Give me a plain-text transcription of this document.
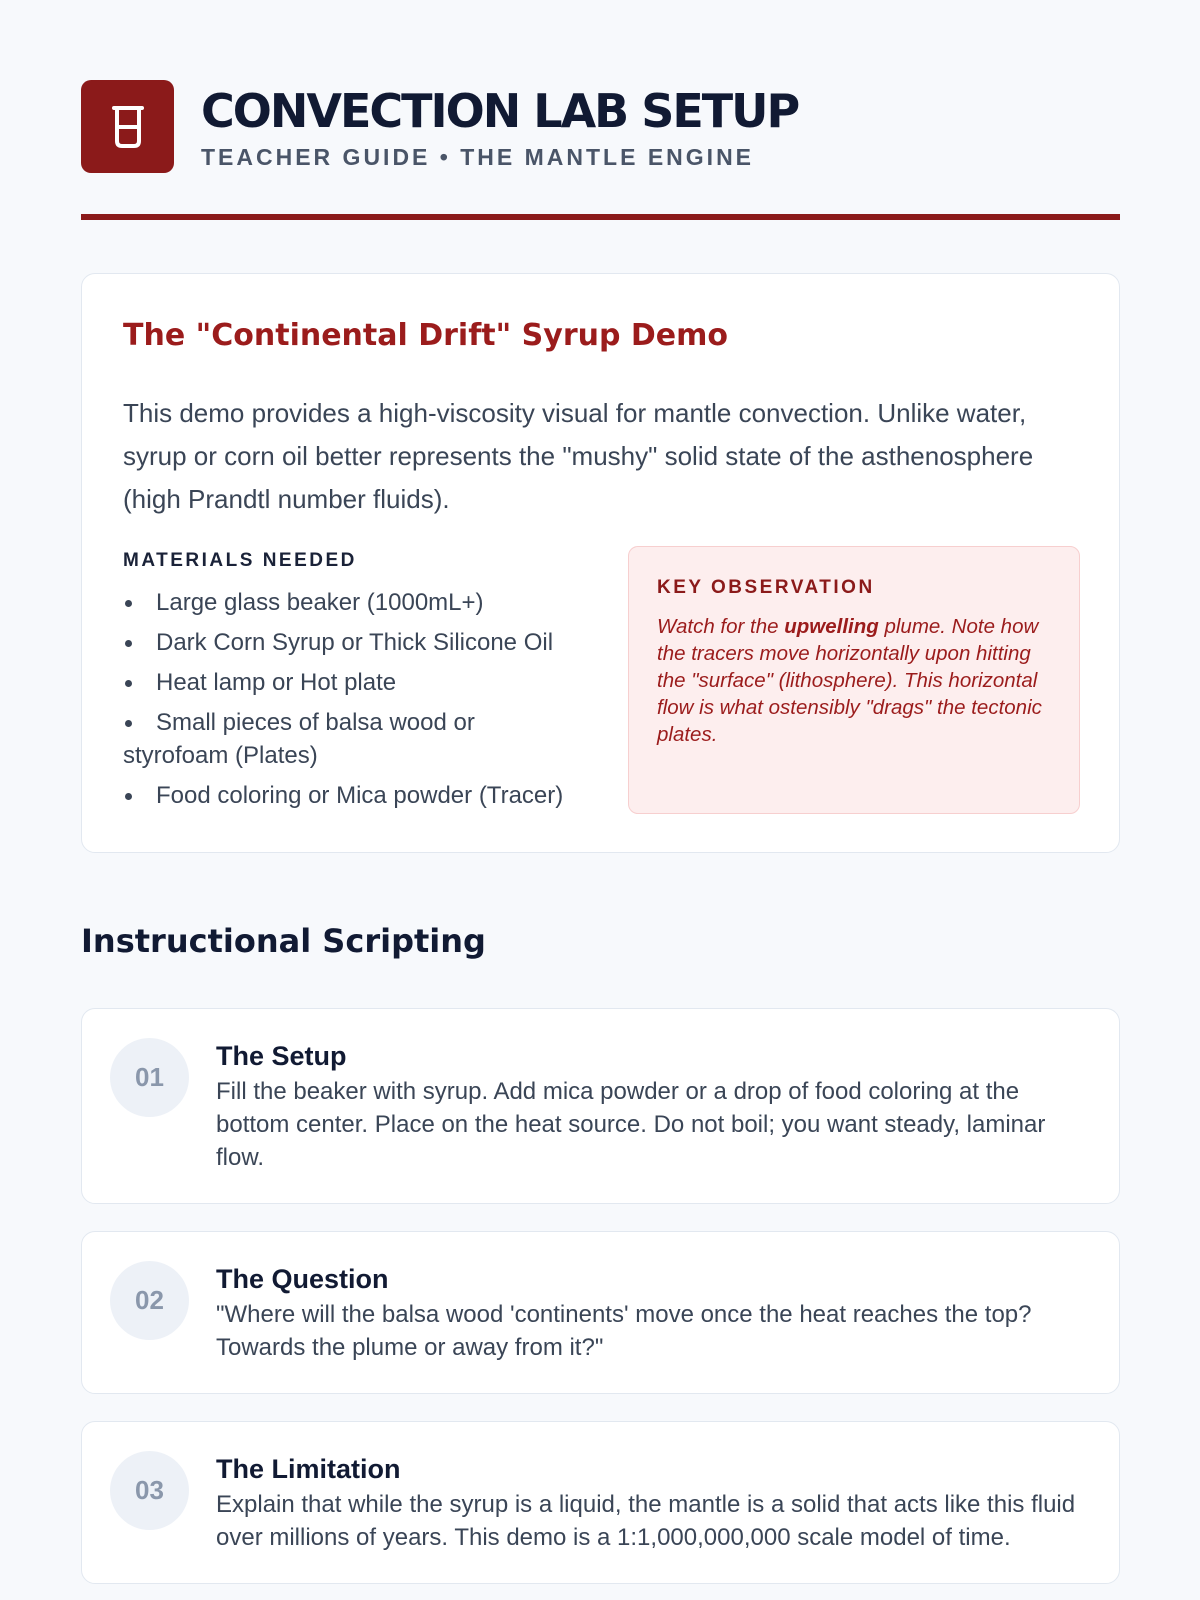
CONVECTION LAB SETUP
TEACHER GUIDE • THE MANTLE ENGINE
The "Continental Drift" Syrup Demo
This demo provides a high-viscosity visual for mantle convection. Unlike water, syrup or corn oil better represents the "mushy" solid state of the asthenosphere (high Prandtl number fluids).
MATERIALS NEEDED
Large glass beaker (1000mL+)
Dark Corn Syrup or Thick Silicone Oil
Heat lamp or Hot plate
Small pieces of balsa wood or styrofoam (Plates)
Food coloring or Mica powder (Tracer)
KEY OBSERVATION
Watch for the upwelling plume. Note how the tracers move horizontally upon hitting the "surface" (lithosphere). This horizontal flow is what ostensibly "drags" the tectonic plates.
Instructional Scripting
01
The Setup
Fill the beaker with syrup. Add mica powder or a drop of food coloring at the bottom center. Place on the heat source. Do not boil; you want steady, laminar flow.
02
The Question
"Where will the balsa wood 'continents' move once the heat reaches the top? Towards the plume or away from it?"
03
The Limitation
Explain that while the syrup is a liquid, the mantle is a solid that acts like this fluid over millions of years. This demo is a 1:1,000,000,000 scale model of time.
